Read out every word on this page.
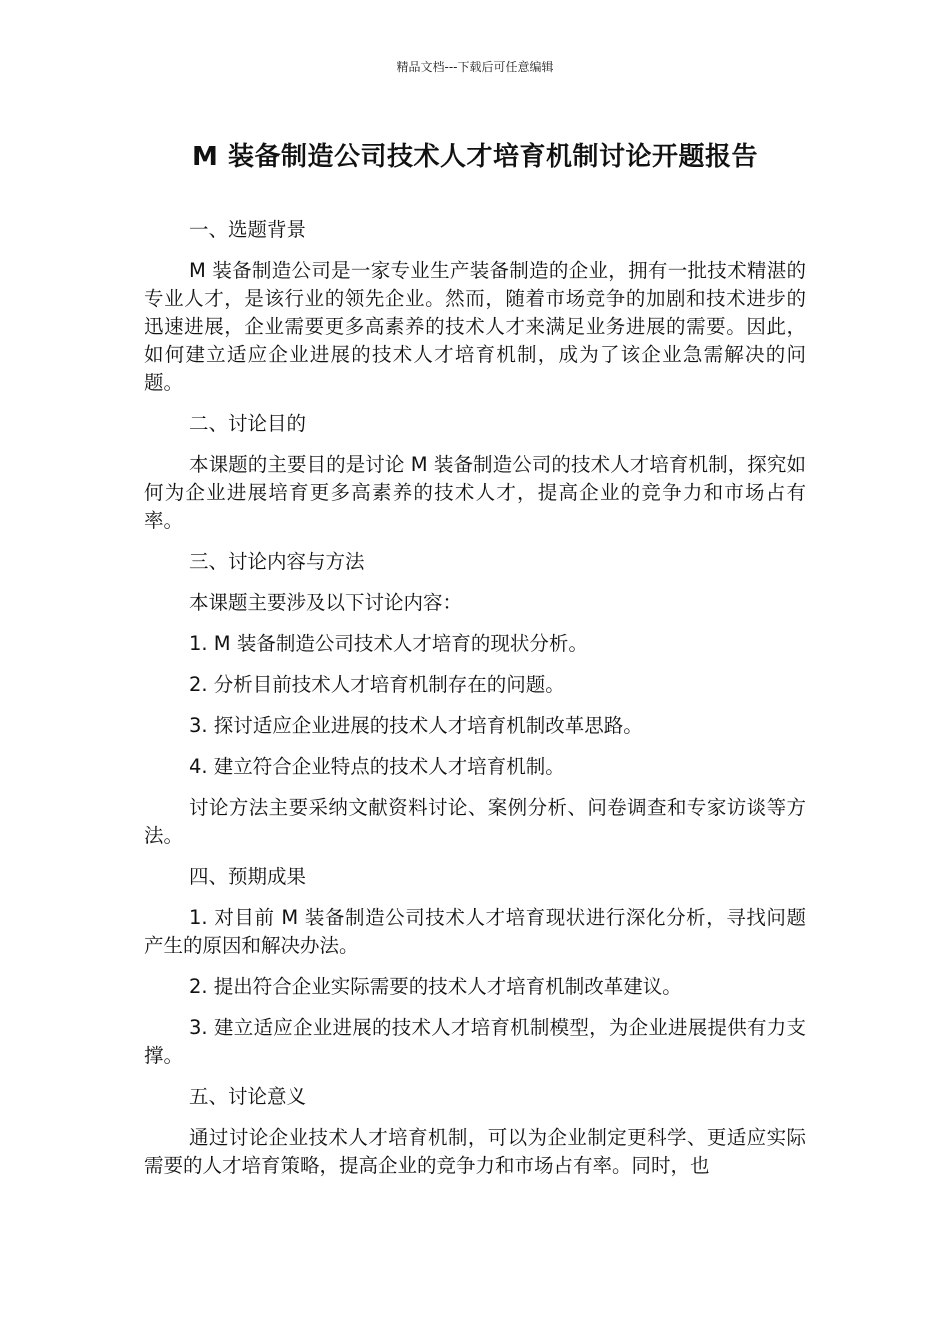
精品文档---下载后可任意编辑
M 装备制造公司技术人才培育机制讨论开题报告

一、选题背景

M 装备制造公司是一家专业生产装备制造的企业，拥有一批技术精湛的专业人才，是该行业的领先企业。然而，随着市场竞争的加剧和技术进步的迅速进展，企业需要更多高素养的技术人才来满足业务进展的需要。因此，如何建立适应企业进展的技术人才培育机制，成为了该企业急需解决的问题。

二、讨论目的

本课题的主要目的是讨论 M 装备制造公司的技术人才培育机制，探究如何为企业进展培育更多高素养的技术人才，提高企业的竞争力和市场占有率。

三、讨论内容与方法

本课题主要涉及以下讨论内容：

1. M 装备制造公司技术人才培育的现状分析。

2. 分析目前技术人才培育机制存在的问题。

3. 探讨适应企业进展的技术人才培育机制改革思路。

4. 建立符合企业特点的技术人才培育机制。

讨论方法主要采纳文献资料讨论、案例分析、问卷调查和专家访谈等方法。

四、预期成果

1. 对目前 M 装备制造公司技术人才培育现状进行深化分析，寻找问题产生的原因和解决办法。

2. 提出符合企业实际需要的技术人才培育机制改革建议。

3. 建立适应企业进展的技术人才培育机制模型，为企业进展提供有力支撑。

五、讨论意义

通过讨论企业技术人才培育机制，可以为企业制定更科学、更适应实际需要的人才培育策略，提高企业的竞争力和市场占有率。同时，也
